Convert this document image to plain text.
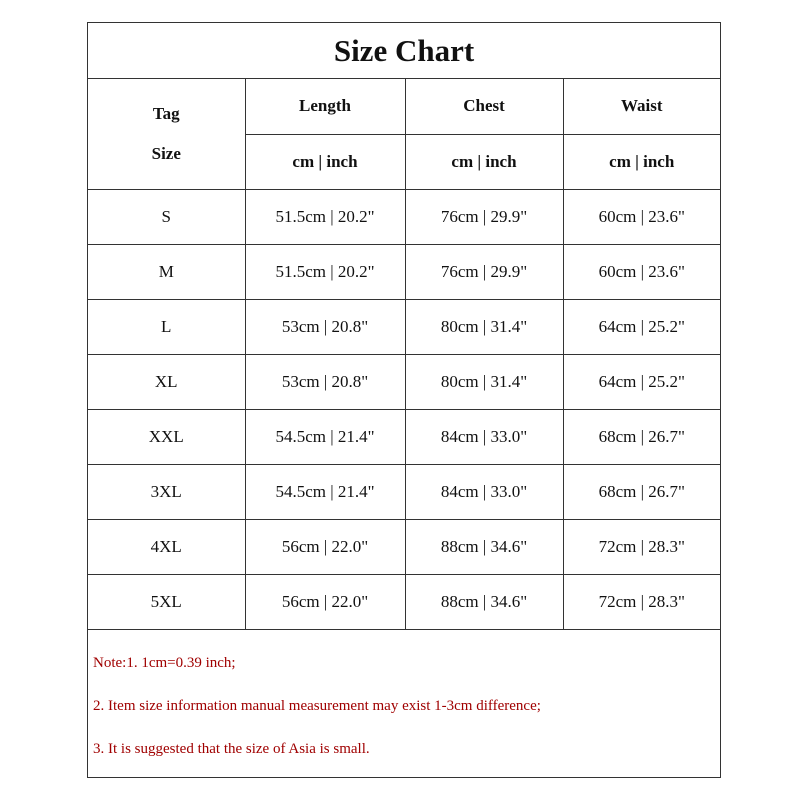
Size Chart
Tag
Size	Length	Chest	Waist
	cm | inch	cm | inch	cm | inch
S	51.5cm | 20.2"	76cm | 29.9"	60cm | 23.6"
M	51.5cm | 20.2"	76cm | 29.9"	60cm | 23.6"
L	53cm | 20.8"	80cm | 31.4"	64cm | 25.2"
XL	53cm | 20.8"	80cm | 31.4"	64cm | 25.2"
XXL	54.5cm | 21.4"	84cm | 33.0"	68cm | 26.7"
3XL	54.5cm | 21.4"	84cm | 33.0"	68cm | 26.7"
4XL	56cm | 22.0"	88cm | 34.6"	72cm | 28.3"
5XL	56cm | 22.0"	88cm | 34.6"	72cm | 28.3"
Note:1. 1cm=0.39 inch;
2. Item size information manual measurement may exist 1-3cm difference;
3. It is suggested that the size of Asia is small.
